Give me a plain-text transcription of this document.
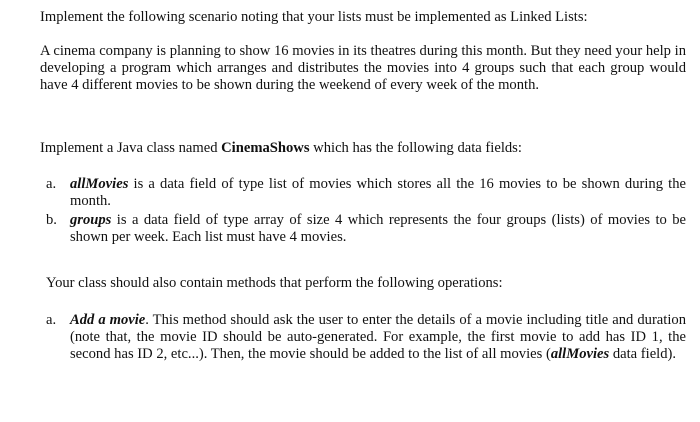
Implement the following scenario noting that your lists must be implemented as Linked Lists:

A cinema company is planning to show 16 movies in its theatres during this month. But they need your help in developing a program which arranges and distributes the movies into 4 groups such that each group would have 4 different movies to be shown during the weekend of every week of the month.

Implement a Java class named CinemaShows which has the following data fields:

a. allMovies is a data field of type list of movies which stores all the 16 movies to be shown during the month.
b. groups is a data field of type array of size 4 which represents the four groups (lists) of movies to be shown per week. Each list must have 4 movies.

Your class should also contain methods that perform the following operations:

a. Add a movie. This method should ask the user to enter the details of a movie including title and duration (note that, the movie ID should be auto-generated. For example, the first movie to add has ID 1, the second has ID 2, etc...). Then, the movie should be added to the list of all movies (allMovies data field).
